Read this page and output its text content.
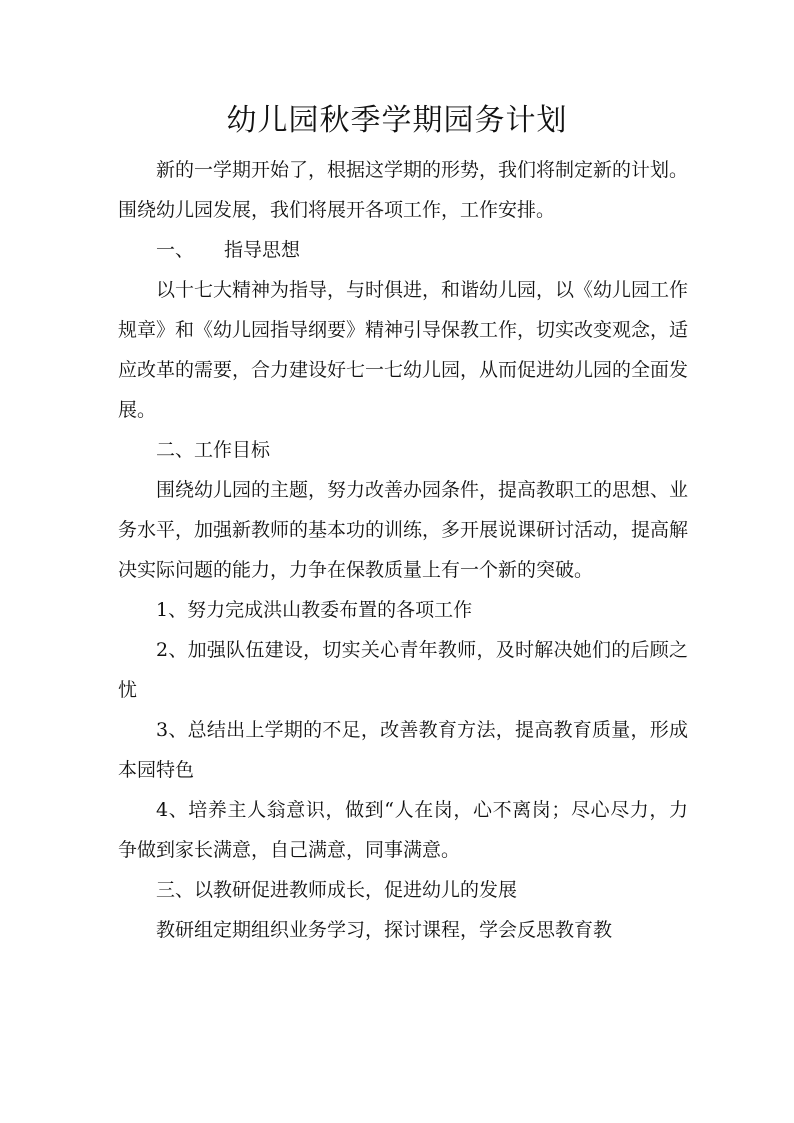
幼儿园秋季学期园务计划

新的一学期开始了，根据这学期的形势，我们将制定新的计划。围绕幼儿园发展，我们将展开各项工作，工作安排。

一、 指导思想

以十七大精神为指导，与时俱进，和谐幼儿园，以《幼儿园工作规章》和《幼儿园指导纲要》精神引导保教工作，切实改变观念，适应改革的需要，合力建设好七一七幼儿园，从而促进幼儿园的全面发展。

二、工作目标

围绕幼儿园的主题，努力改善办园条件，提高教职工的思想、业务水平，加强新教师的基本功的训练，多开展说课研讨活动，提高解决实际问题的能力，力争在保教质量上有一个新的突破。

1、努力完成洪山教委布置的各项工作

2、加强队伍建设，切实关心青年教师，及时解决她们的后顾之忧

3、总结出上学期的不足，改善教育方法，提高教育质量，形成本园特色

4、培养主人翁意识，做到“人在岗，心不离岗；尽心尽力，力争做到家长满意，自己满意，同事满意。

三、以教研促进教师成长，促进幼儿的发展

教研组定期组织业务学习，探讨课程，学会反思教育教
